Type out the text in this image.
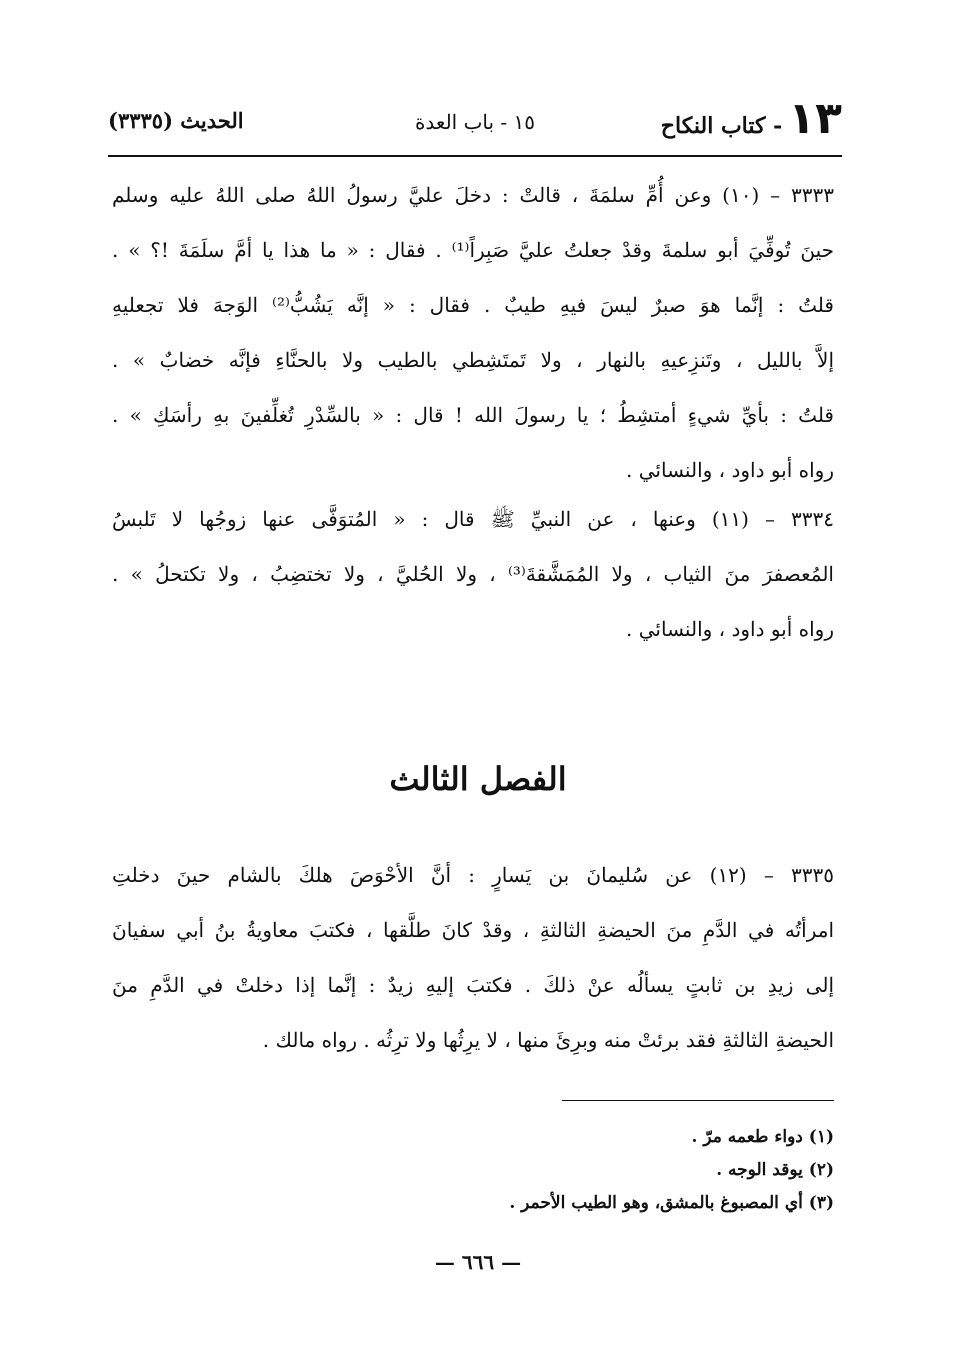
١٣
- كتاب النكاح
١٥ - باب العدة
الحديث (٣٣٣٥)
٣٣٣٣ – (١٠) وعن أُمِّ سلمَةَ ، قالتْ : دخلَ عليَّ رسولُ اللهُ صلى اللهُ عليه وسلم
حينَ تُوفِّيَ أبو سلمةَ وقدْ جعلتُ عليَّ صَبِراً⁽¹⁾ . فقال : « ما هذا يا أمَّ سلَمَةَ !؟ » .
قلتُ : إنَّما هوَ صبرٌ ليسَ فيهِ طيبٌ . فقال : « إنَّه يَشُبُّ⁽²⁾ الوَجهَ فلا تجعليهِ
إلاَّ بالليل ، وتَنزِعيهِ بالنهار ، ولا تَمتَشِطي بالطيب ولا بالحنَّاءِ فإنَّه خضابٌ » .
قلتُ : بأيِّ شيءٍ أمتشِطُ ؛ يا رسولَ الله ! قال : « بالسِّدْرِ تُغلِّفينَ بهِ رأسَكِ » .
رواه أبو داود ، والنسائي .
٣٣٣٤ – (١١) وعنها ، عن النبيِّ ﷺ قال : « المُتوَفَّى عنها زوجُها لا تَلبسُ
المُعصفرَ منَ الثياب ، ولا المُمَشَّقةَ⁽³⁾ ، ولا الحُليَّ ، ولا تختضِبُ ، ولا تكتحلُ » .
رواه أبو داود ، والنسائي .
الفصل الثالث
٣٣٣٥ – (١٢) عن سُليمانَ بن يَسارٍ : أنَّ الأحْوَصَ هلكَ بالشام حينَ دخلتِ
امرأتُه في الدَّمِ منَ الحيضةِ الثالثةِ ، وقدْ كانَ طلَّقها ، فكتبَ معاويةُ بنُ أبي سفيانَ
إلى زيدِ بن ثابتٍ يسألُه عنْ ذلكَ . فكتبَ إليهِ زيدٌ : إنَّما إذا دخلتْ في الدَّمِ منَ
الحيضةِ الثالثةِ فقد برئتْ منه وبرِئَ منها ، لا يرِثُها ولا ترِثُه . رواه مالك .
(١) دواء طعمه مرّ .
(٢) يوقد الوجه .
(٣) أي المصبوغ بالمشق، وهو الطيب الأحمر .
— ٦٦٦ —
